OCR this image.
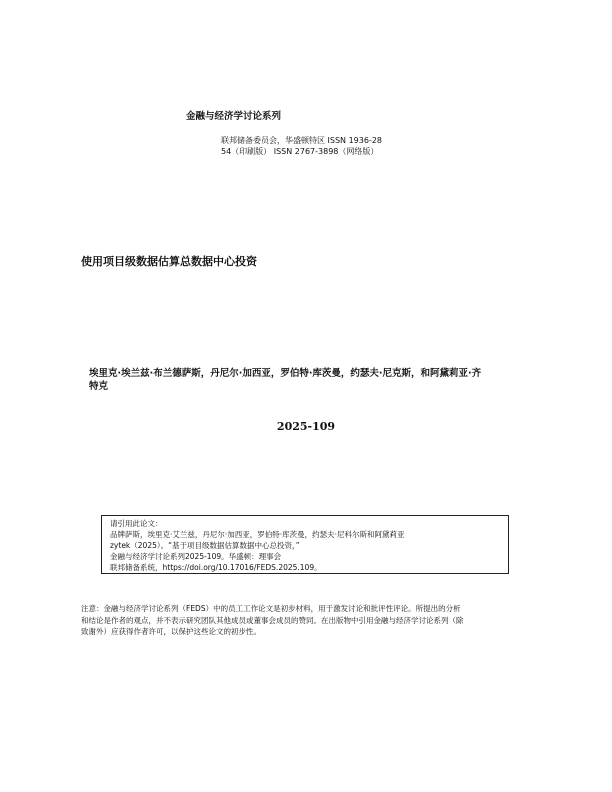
金融与经济学讨论系列
联邦储备委员会，华盛顿特区 ISSN 1936-28
54（印刷版） ISSN 2767-3898（网络版）
使用项目级数据估算总数据中心投资
埃里克·埃兰兹·布兰德萨斯，丹尼尔·加西亚，罗伯特·库茨曼，约瑟夫·尼克斯，和阿黛莉亚·齐
特克
2025-109
请引用此论文：
品牌萨斯，埃里克·艾兰兹，丹尼尔·加西亚，罗伯特·库茨曼，约瑟夫·尼科尔斯和阿黛莉亚
zytek（2025）。“基于项目级数据估算数据中心总投资，”
金融与经济学讨论系列2025-109。华盛顿：理事会
联邦储备系统，https://doi.org/10.17016/FEDS.2025.109。
注意：金融与经济学讨论系列（FEDS）中的员工工作论文是初步材料，用于激发讨论和批评性评论。所提出的分析
和结论是作者的观点，并不表示研究团队其他成员或董事会成员的赞同。在出版物中引用金融与经济学讨论系列（除
致谢外）应获得作者许可，以保护这些论文的初步性。
